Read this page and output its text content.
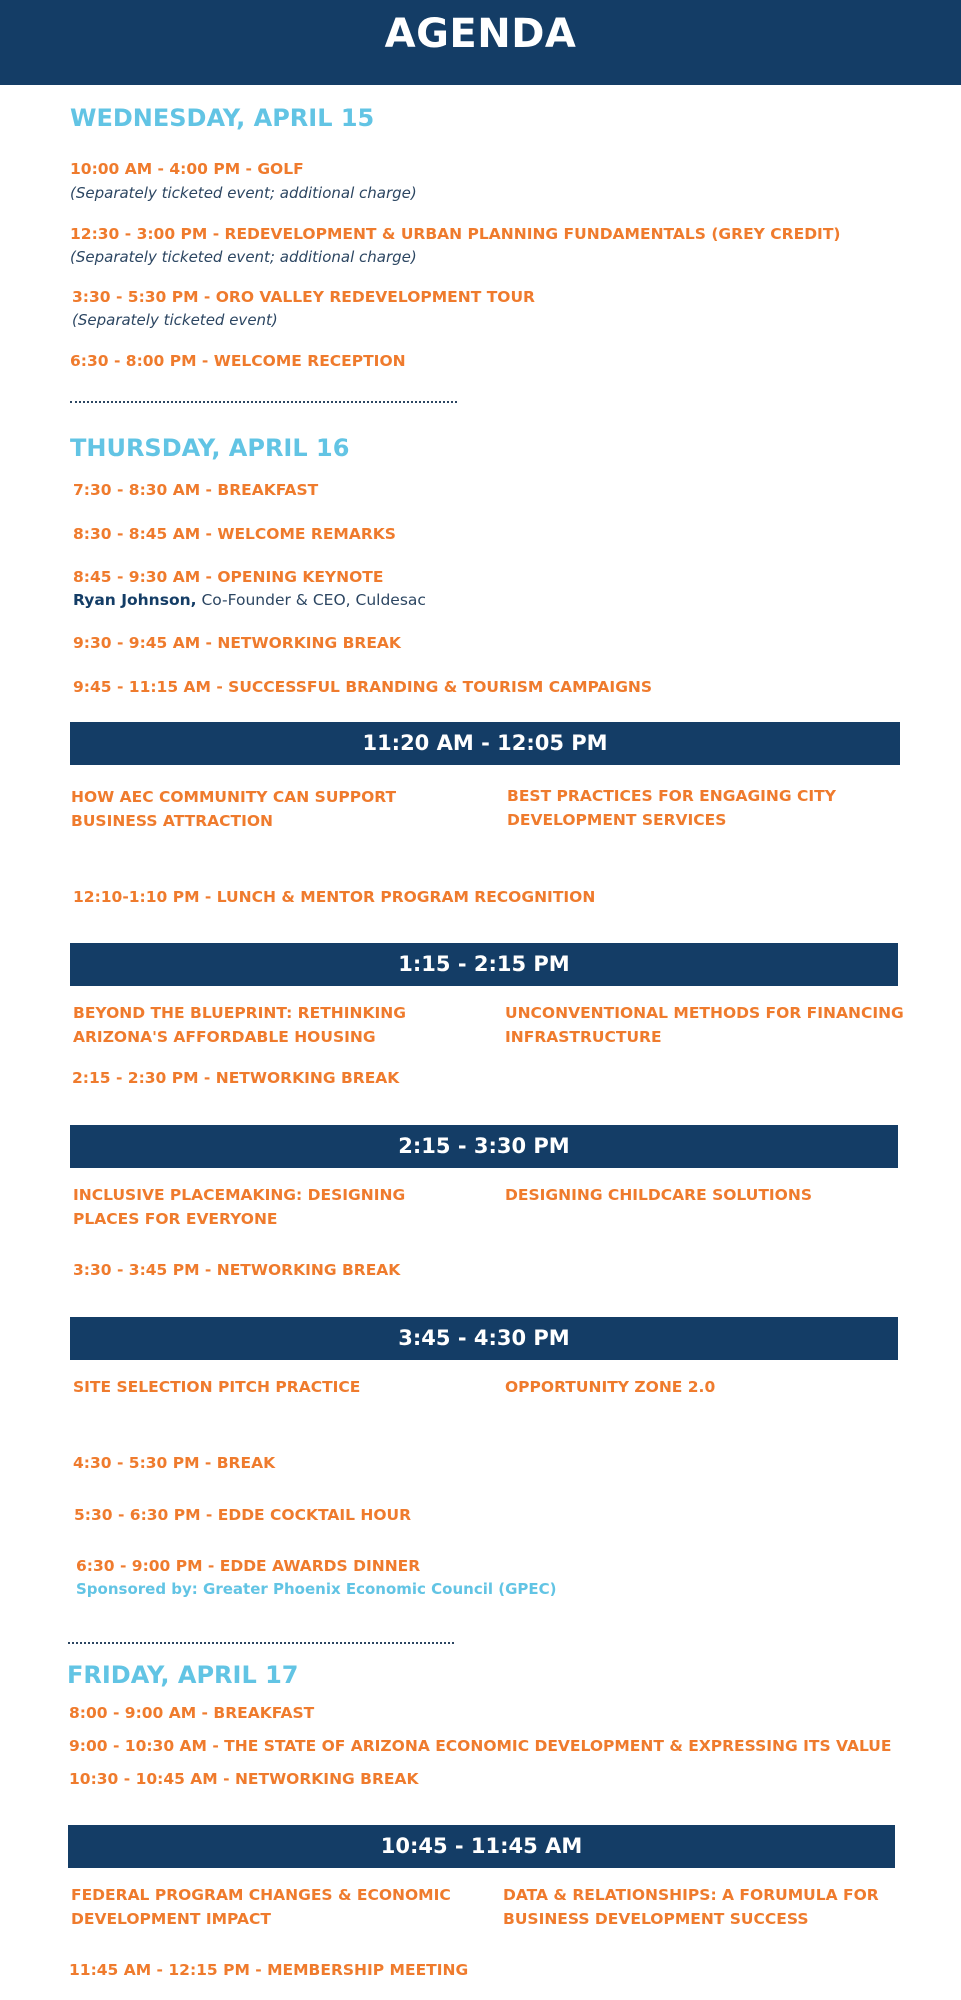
AGENDA
WEDNESDAY, APRIL 15
10:00 AM - 4:00 PM - GOLF
(Separately ticketed event; additional charge)
12:30 - 3:00 PM - REDEVELOPMENT & URBAN PLANNING FUNDAMENTALS (GREY CREDIT)
(Separately ticketed event; additional charge)
3:30 - 5:30 PM - ORO VALLEY REDEVELOPMENT TOUR
(Separately ticketed event)
6:30 - 8:00 PM - WELCOME RECEPTION
THURSDAY, APRIL 16
7:30 - 8:30 AM - BREAKFAST
8:30 - 8:45 AM - WELCOME REMARKS
8:45 - 9:30 AM - OPENING KEYNOTE
Ryan Johnson, Co-Founder & CEO, Culdesac
9:30 - 9:45 AM - NETWORKING BREAK
9:45 - 11:15 AM - SUCCESSFUL BRANDING & TOURISM CAMPAIGNS
11:20 AM - 12:05 PM
HOW AEC COMMUNITY CAN SUPPORT BUSINESS ATTRACTION
BEST PRACTICES FOR ENGAGING CITY DEVELOPMENT SERVICES
12:10-1:10 PM - LUNCH & MENTOR PROGRAM RECOGNITION
1:15 - 2:15 PM
BEYOND THE BLUEPRINT: RETHINKING ARIZONA'S AFFORDABLE HOUSING
UNCONVENTIONAL METHODS FOR FINANCING INFRASTRUCTURE
2:15 - 2:30 PM - NETWORKING BREAK
2:15 - 3:30 PM
INCLUSIVE PLACEMAKING: DESIGNING PLACES FOR EVERYONE
DESIGNING CHILDCARE SOLUTIONS
3:30 - 3:45 PM - NETWORKING BREAK
3:45 - 4:30 PM
SITE SELECTION PITCH PRACTICE	OPPORTUNITY ZONE 2.0
4:30 - 5:30 PM - BREAK
5:30 - 6:30 PM - EDDE COCKTAIL HOUR
6:30 - 9:00 PM - EDDE AWARDS DINNER
Sponsored by: Greater Phoenix Economic Council (GPEC)
FRIDAY, APRIL 17
8:00 - 9:00 AM - BREAKFAST
9:00 - 10:30 AM - THE STATE OF ARIZONA ECONOMIC DEVELOPMENT & EXPRESSING ITS VALUE
10:30 - 10:45 AM - NETWORKING BREAK
10:45 - 11:45 AM
FEDERAL PROGRAM CHANGES & ECONOMIC DEVELOPMENT IMPACT
DATA & RELATIONSHIPS: A FORUMULA FOR BUSINESS DEVELOPMENT SUCCESS
11:45 AM - 12:15 PM - MEMBERSHIP MEETING
